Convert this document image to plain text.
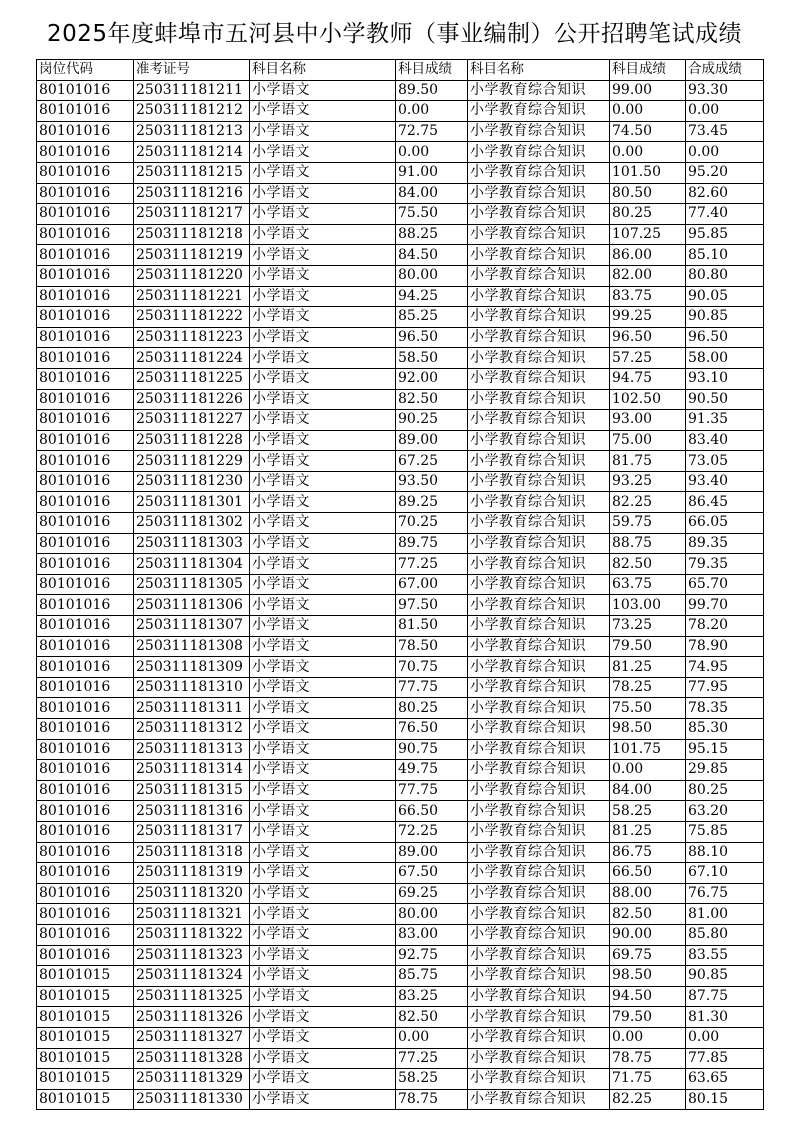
2025年度蚌埠市五河县中小学教师（事业编制）公开招聘笔试成绩
岗位代码	准考证号	科目名称	科目成绩	科目名称	科目成绩	合成成绩
80101016	250311181211	小学语文	89.50	小学教育综合知识	99.00	93.30
80101016	250311181212	小学语文	0.00	小学教育综合知识	0.00	0.00
80101016	250311181213	小学语文	72.75	小学教育综合知识	74.50	73.45
80101016	250311181214	小学语文	0.00	小学教育综合知识	0.00	0.00
80101016	250311181215	小学语文	91.00	小学教育综合知识	101.50	95.20
80101016	250311181216	小学语文	84.00	小学教育综合知识	80.50	82.60
80101016	250311181217	小学语文	75.50	小学教育综合知识	80.25	77.40
80101016	250311181218	小学语文	88.25	小学教育综合知识	107.25	95.85
80101016	250311181219	小学语文	84.50	小学教育综合知识	86.00	85.10
80101016	250311181220	小学语文	80.00	小学教育综合知识	82.00	80.80
80101016	250311181221	小学语文	94.25	小学教育综合知识	83.75	90.05
80101016	250311181222	小学语文	85.25	小学教育综合知识	99.25	90.85
80101016	250311181223	小学语文	96.50	小学教育综合知识	96.50	96.50
80101016	250311181224	小学语文	58.50	小学教育综合知识	57.25	58.00
80101016	250311181225	小学语文	92.00	小学教育综合知识	94.75	93.10
80101016	250311181226	小学语文	82.50	小学教育综合知识	102.50	90.50
80101016	250311181227	小学语文	90.25	小学教育综合知识	93.00	91.35
80101016	250311181228	小学语文	89.00	小学教育综合知识	75.00	83.40
80101016	250311181229	小学语文	67.25	小学教育综合知识	81.75	73.05
80101016	250311181230	小学语文	93.50	小学教育综合知识	93.25	93.40
80101016	250311181301	小学语文	89.25	小学教育综合知识	82.25	86.45
80101016	250311181302	小学语文	70.25	小学教育综合知识	59.75	66.05
80101016	250311181303	小学语文	89.75	小学教育综合知识	88.75	89.35
80101016	250311181304	小学语文	77.25	小学教育综合知识	82.50	79.35
80101016	250311181305	小学语文	67.00	小学教育综合知识	63.75	65.70
80101016	250311181306	小学语文	97.50	小学教育综合知识	103.00	99.70
80101016	250311181307	小学语文	81.50	小学教育综合知识	73.25	78.20
80101016	250311181308	小学语文	78.50	小学教育综合知识	79.50	78.90
80101016	250311181309	小学语文	70.75	小学教育综合知识	81.25	74.95
80101016	250311181310	小学语文	77.75	小学教育综合知识	78.25	77.95
80101016	250311181311	小学语文	80.25	小学教育综合知识	75.50	78.35
80101016	250311181312	小学语文	76.50	小学教育综合知识	98.50	85.30
80101016	250311181313	小学语文	90.75	小学教育综合知识	101.75	95.15
80101016	250311181314	小学语文	49.75	小学教育综合知识	0.00	29.85
80101016	250311181315	小学语文	77.75	小学教育综合知识	84.00	80.25
80101016	250311181316	小学语文	66.50	小学教育综合知识	58.25	63.20
80101016	250311181317	小学语文	72.25	小学教育综合知识	81.25	75.85
80101016	250311181318	小学语文	89.00	小学教育综合知识	86.75	88.10
80101016	250311181319	小学语文	67.50	小学教育综合知识	66.50	67.10
80101016	250311181320	小学语文	69.25	小学教育综合知识	88.00	76.75
80101016	250311181321	小学语文	80.00	小学教育综合知识	82.50	81.00
80101016	250311181322	小学语文	83.00	小学教育综合知识	90.00	85.80
80101016	250311181323	小学语文	92.75	小学教育综合知识	69.75	83.55
80101015	250311181324	小学语文	85.75	小学教育综合知识	98.50	90.85
80101015	250311181325	小学语文	83.25	小学教育综合知识	94.50	87.75
80101015	250311181326	小学语文	82.50	小学教育综合知识	79.50	81.30
80101015	250311181327	小学语文	0.00	小学教育综合知识	0.00	0.00
80101015	250311181328	小学语文	77.25	小学教育综合知识	78.75	77.85
80101015	250311181329	小学语文	58.25	小学教育综合知识	71.75	63.65
80101015	250311181330	小学语文	78.75	小学教育综合知识	82.25	80.15
